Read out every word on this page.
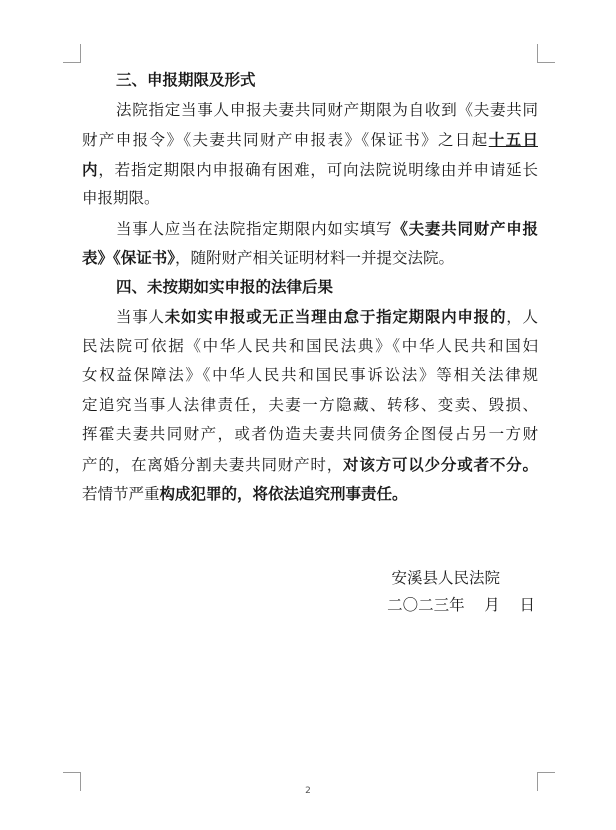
三、申报期限及形式
法院指定当事人申报夫妻共同财产期限为自收到《夫妻共同
财产申报令》《夫妻共同财产申报表》《保证书》之日起十五日
内，若指定期限内申报确有困难，可向法院说明缘由并申请延长
申报期限。
当事人应当在法院指定期限内如实填写《夫妻共同财产申报
表》《保证书》，随附财产相关证明材料一并提交法院。
四、未按期如实申报的法律后果
当事人未如实申报或无正当理由怠于指定期限内申报的，人
民法院可依据《中华人民共和国民法典》《中华人民共和国妇
女权益保障法》《中华人民共和国民事诉讼法》等相关法律规
定追究当事人法律责任，夫妻一方隐藏、转移、变卖、毁损、
挥霍夫妻共同财产，或者伪造夫妻共同债务企图侵占另一方财
产的，在离婚分割夫妻共同财产时，对该方可以少分或者不分。
若情节严重构成犯罪的，将依法追究刑事责任。
安溪县人民法院
二〇二三年    月    日
2
